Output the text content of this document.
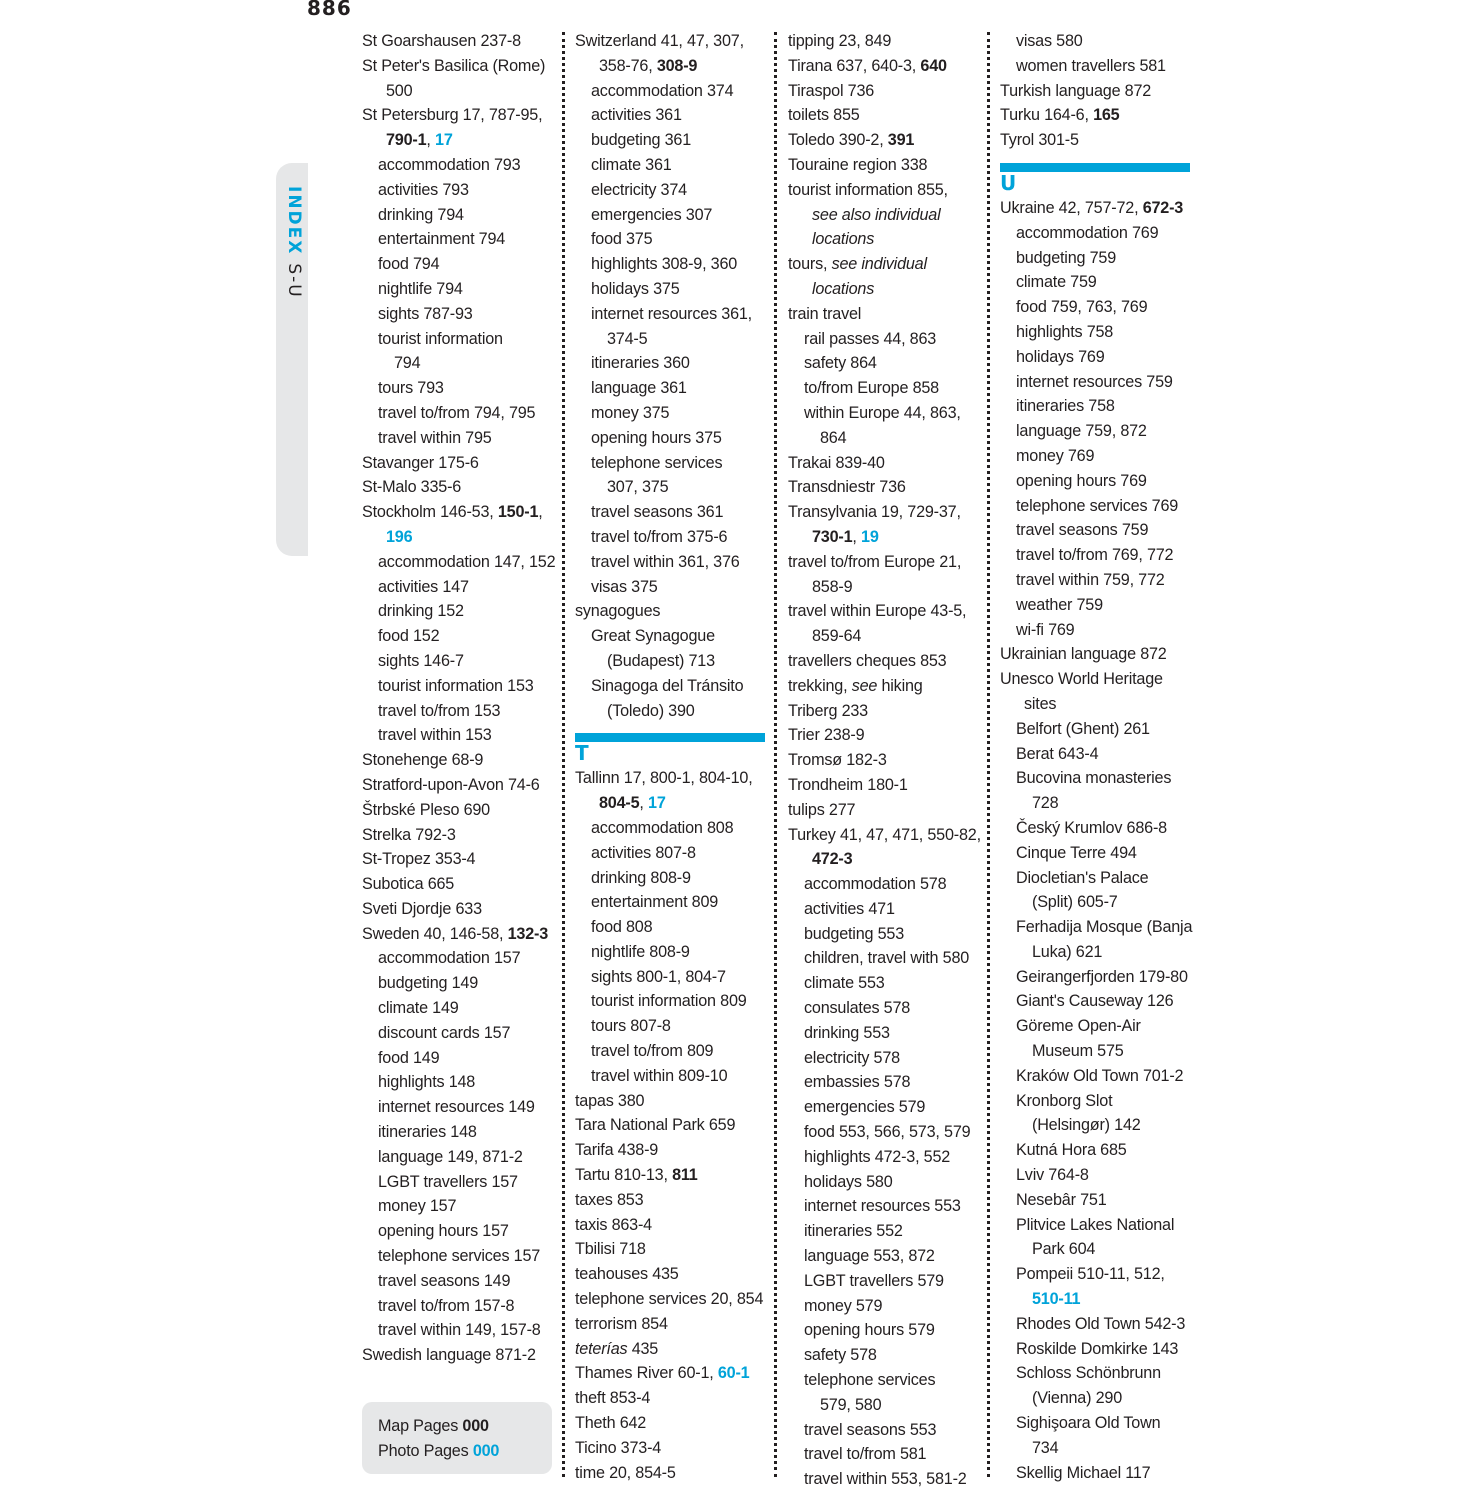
886
INDEX S-U
St Goarshausen 237-8
St Peter's Basilica (Rome)
500
St Petersburg 17, 787-95,
790-1, 17
accommodation 793
activities 793
drinking 794
entertainment 794
food 794
nightlife 794
sights 787-93
tourist information
794
tours 793
travel to/from 794, 795
travel within 795
Stavanger 175-6
St-Malo 335-6
Stockholm 146-53, 150-1,
196
accommodation 147, 152
activities 147
drinking 152
food 152
sights 146-7
tourist information 153
travel to/from 153
travel within 153
Stonehenge 68-9
Stratford-upon-Avon 74-6
Štrbské Pleso 690
Strelka 792-3
St-Tropez 353-4
Subotica 665
Sveti Djordje 633
Sweden 40, 146-58, 132-3
accommodation 157
budgeting 149
climate 149
discount cards 157
food 149
highlights 148
internet resources 149
itineraries 148
language 149, 871-2
LGBT travellers 157
money 157
opening hours 157
telephone services 157
travel seasons 149
travel to/from 157-8
travel within 149, 157-8
Swedish language 871-2
Switzerland 41, 47, 307,
358-76, 308-9
accommodation 374
activities 361
budgeting 361
climate 361
electricity 374
emergencies 307
food 375
highlights 308-9, 360
holidays 375
internet resources 361,
374-5
itineraries 360
language 361
money 375
opening hours 375
telephone services
307, 375
travel seasons 361
travel to/from 375-6
travel within 361, 376
visas 375
synagogues
Great Synagogue
(Budapest) 713
Sinagoga del Tránsito
(Toledo) 390
T
Tallinn 17, 800-1, 804-10,
804-5, 17
accommodation 808
activities 807-8
drinking 808-9
entertainment 809
food 808
nightlife 808-9
sights 800-1, 804-7
tourist information 809
tours 807-8
travel to/from 809
travel within 809-10
tapas 380
Tara National Park 659
Tarifa 438-9
Tartu 810-13, 811
taxes 853
taxis 863-4
Tbilisi 718
teahouses 435
telephone services 20, 854
terrorism 854
teterías 435
Thames River 60-1, 60-1
theft 853-4
Theth 642
Ticino 373-4
time 20, 854-5
tipping 23, 849
Tirana 637, 640-3, 640
Tiraspol 736
toilets 855
Toledo 390-2, 391
Touraine region 338
tourist information 855,
see also individual
locations
tours, see individual
locations
train travel
rail passes 44, 863
safety 864
to/from Europe 858
within Europe 44, 863,
864
Trakai 839-40
Transdniestr 736
Transylvania 19, 729-37,
730-1, 19
travel to/from Europe 21,
858-9
travel within Europe 43-5,
859-64
travellers cheques 853
trekking, see hiking
Triberg 233
Trier 238-9
Tromsø 182-3
Trondheim 180-1
tulips 277
Turkey 41, 47, 471, 550-82,
472-3
accommodation 578
activities 471
budgeting 553
children, travel with 580
climate 553
consulates 578
drinking 553
electricity 578
embassies 578
emergencies 579
food 553, 566, 573, 579
highlights 472-3, 552
holidays 580
internet resources 553
itineraries 552
language 553, 872
LGBT travellers 579
money 579
opening hours 579
safety 578
telephone services
579, 580
travel seasons 553
travel to/from 581
travel within 553, 581-2
visas 580
women travellers 581
Turkish language 872
Turku 164-6, 165
Tyrol 301-5
U
Ukraine 42, 757-72, 672-3
accommodation 769
budgeting 759
climate 759
food 759, 763, 769
highlights 758
holidays 769
internet resources 759
itineraries 758
language 759, 872
money 769
opening hours 769
telephone services 769
travel seasons 759
travel to/from 769, 772
travel within 759, 772
weather 759
wi-fi 769
Ukrainian language 872
Unesco World Heritage
sites
Belfort (Ghent) 261
Berat 643-4
Bucovina monasteries
728
Český Krumlov 686-8
Cinque Terre 494
Diocletian's Palace
(Split) 605-7
Ferhadija Mosque (Banja
Luka) 621
Geirangerfjorden 179-80
Giant's Causeway 126
Göreme Open-Air
Museum 575
Kraków Old Town 701-2
Kronborg Slot
(Helsingør) 142
Kutná Hora 685
Lviv 764-8
Nesebâr 751
Plitvice Lakes National
Park 604
Pompeii 510-11, 512,
510-11
Rhodes Old Town 542-3
Roskilde Domkirke 143
Schloss Schönbrunn
(Vienna) 290
Sighişoara Old Town
734
Skellig Michael 117
Map Pages 000
Photo Pages 000
